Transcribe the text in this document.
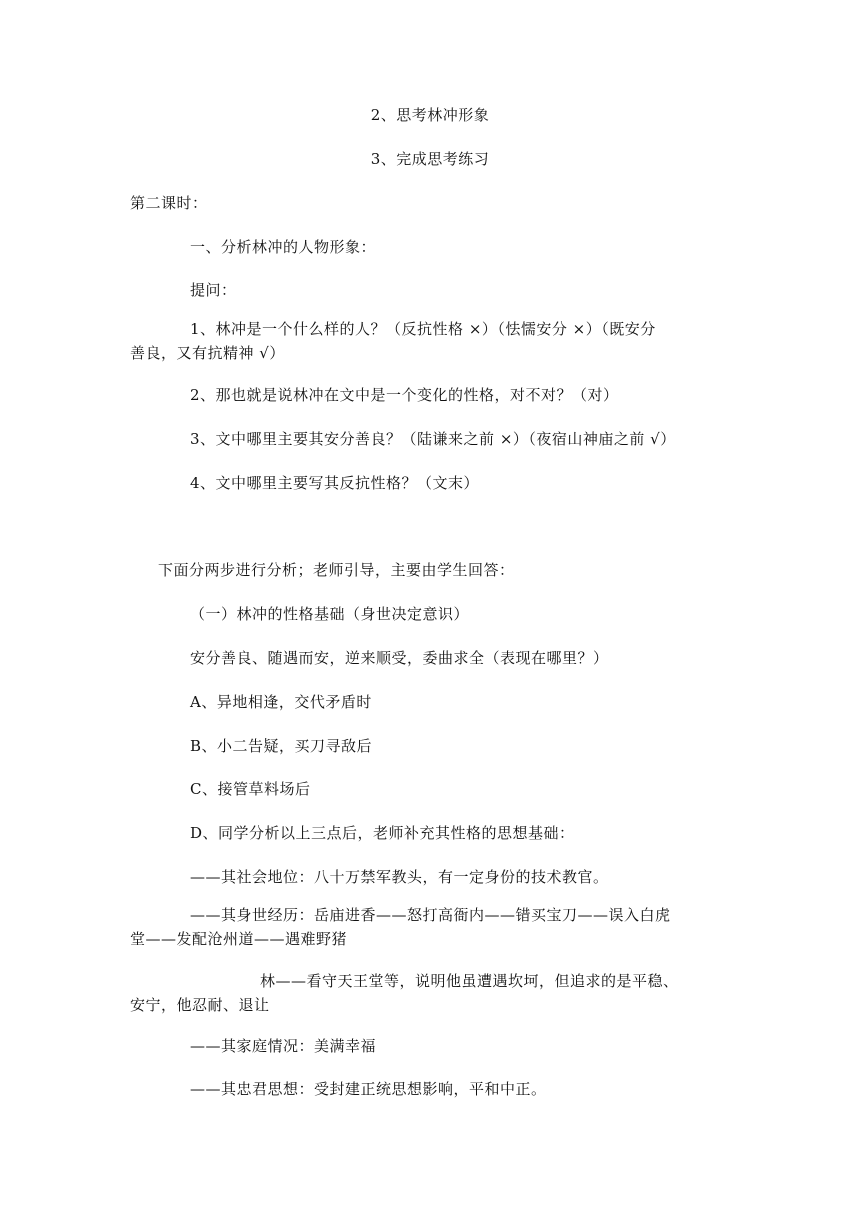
2、思考林冲形象
3、完成思考练习
第二课时：
一、分析林冲的人物形象：
提问：
1、林冲是一个什么样的人？（反抗性格 ×）（怯懦安分 ×）（既安分
善良，又有抗精神 √）
2、那也就是说林冲在文中是一个变化的性格，对不对？（对）
3、文中哪里主要其安分善良？（陆谦来之前 ×）（夜宿山神庙之前 √）
4、文中哪里主要写其反抗性格？（文末）
下面分两步进行分析；老师引导，主要由学生回答：
（一）林冲的性格基础（身世决定意识）
安分善良、随遇而安，逆来顺受，委曲求全（表现在哪里？）
A、异地相逢，交代矛盾时
B、小二告疑，买刀寻敌后
C、接管草料场后
D、同学分析以上三点后，老师补充其性格的思想基础：
——其社会地位：八十万禁军教头，有一定身份的技术教官。
——其身世经历：岳庙进香——怒打高衙内——错买宝刀——误入白虎
堂——发配沧州道——遇难野猪
林——看守天王堂等，说明他虽遭遇坎坷，但追求的是平稳、
安宁，他忍耐、退让
——其家庭情况：美满幸福
——其忠君思想：受封建正统思想影响，平和中正。
